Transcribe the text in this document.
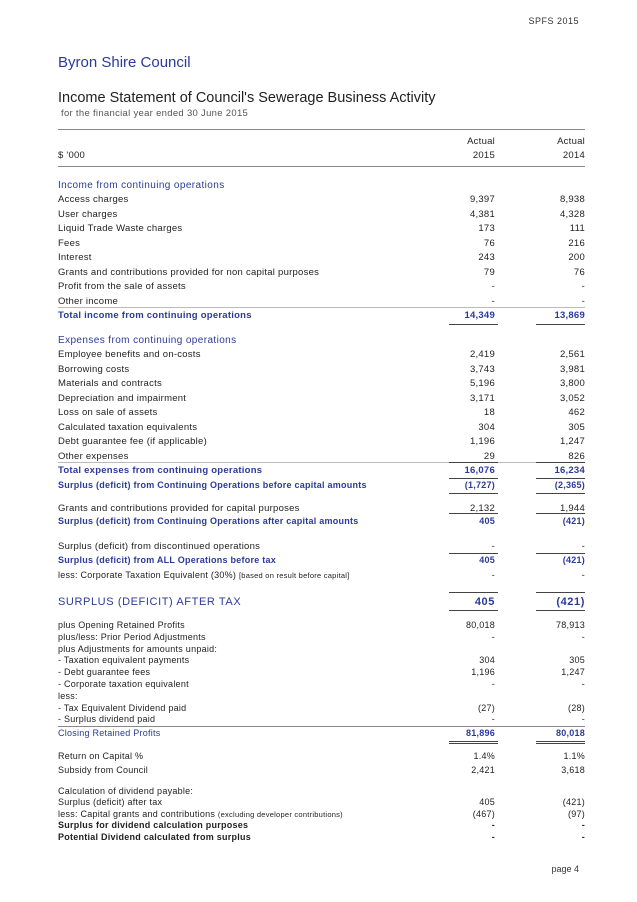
SPFS 2015
Byron Shire Council
Income Statement of Council's Sewerage Business Activity
for the financial year ended 30 June 2015
Actual	Actual
$ '000	2015	2014
Income from continuing operations
Access charges	9,397	8,938
User charges	4,381	4,328
Liquid Trade Waste charges	173	111
Fees	76	216
Interest	243	200
Grants and contributions provided for non capital purposes	79	76
Profit from the sale of assets	-	-
Other income	-	-
Total income from continuing operations	14,349	13,869
Expenses from continuing operations
Employee benefits and on-costs	2,419	2,561
Borrowing costs	3,743	3,981
Materials and contracts	5,196	3,800
Depreciation and impairment	3,171	3,052
Loss on sale of assets	18	462
Calculated taxation equivalents	304	305
Debt guarantee fee (if applicable)	1,196	1,247
Other expenses	29	826
Total expenses from continuing operations	16,076	16,234
Surplus (deficit) from Continuing Operations before capital amounts	(1,727)	(2,365)
Grants and contributions provided for capital purposes	2,132	1,944
Surplus (deficit) from Continuing Operations after capital amounts	405	(421)
Surplus (deficit) from discontinued operations	-	-
Surplus (deficit) from ALL Operations before tax	405	(421)
less: Corporate Taxation Equivalent (30%) [based on result before capital]	-	-
SURPLUS (DEFICIT) AFTER TAX	405	(421)
plus Opening Retained Profits	80,018	78,913
plus/less: Prior Period Adjustments	-	-
plus Adjustments for amounts unpaid:
- Taxation equivalent payments	304	305
- Debt guarantee fees	1,196	1,247
- Corporate taxation equivalent	-	-
less:
- Tax Equivalent Dividend paid	(27)	(28)
- Surplus dividend paid	-	-
Closing Retained Profits	81,896	80,018
Return on Capital %	1.4%	1.1%
Subsidy from Council	2,421	3,618
Calculation of dividend payable:
Surplus (deficit) after tax	405	(421)
less: Capital grants and contributions (excluding developer contributions)	(467)	(97)
Surplus for dividend calculation purposes	-	-
Potential Dividend calculated from surplus	-	-
page 4
